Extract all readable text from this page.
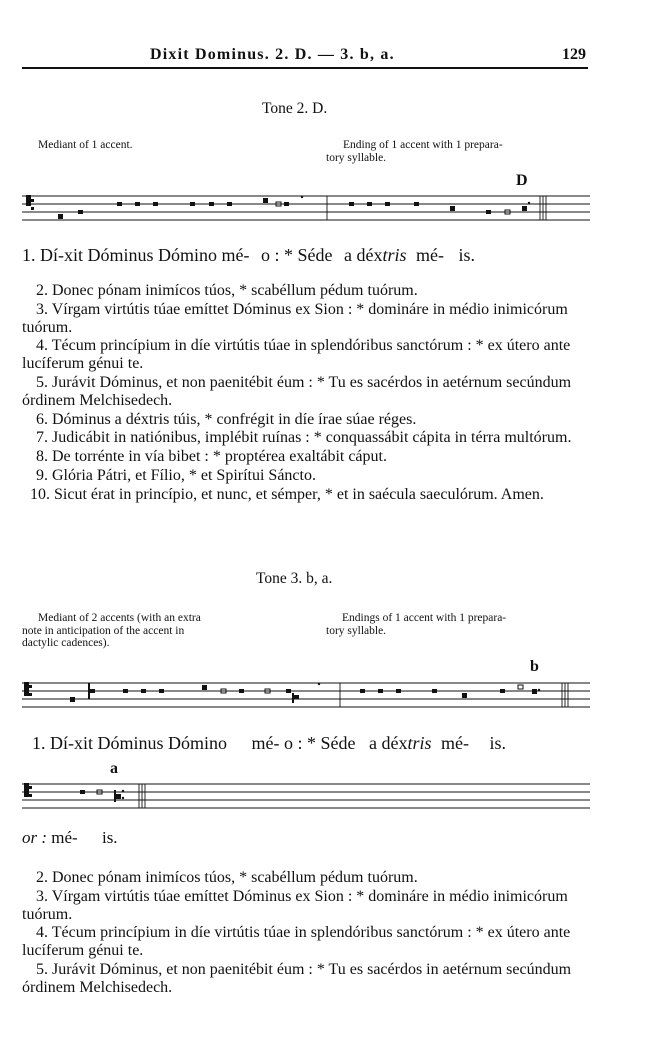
Dixit Dominus. 2. D. — 3. b, a.	129
Tone 2. D.
Mediant of 1 accent.	Ending of 1 accent with 1 prepara-

tory syllable.

D
1. Dí-xit Dóminus Dómino mé- o : * Séde a déxtris mé- is.

2. Donec pónam inimícos túos, * scabéllum pédum tuórum.

3. Vírgam virtútis túae emíttet Dóminus ex Sion : * domináre in médio inimicórum tuórum.

4. Técum princípium in díe virtútis túae in splendóribus sanctórum : * ex útero ante lucíferum génui te.

5. Jurávit Dóminus, et non paenitébit éum : * Tu es sacérdos in aetérnum secúndum órdinem Melchisedech.

6. Dóminus a déxtris túis, * confrégit in díe írae súae réges.

7. Judicábit in natiónibus, implébit ruínas : * conquassábit cápita in térra multórum.

8. De torrénte in vía bibet : * proptérea exaltábit cáput.

9. Glória Pátri, et Fílio, * et Spirítui Sáncto.

10. Sicut érat in princípio, et nunc, et sémper, * et in saécula saeculórum. Amen.

Tone 3. b, a.

Mediant of 2 accents (with an extra

note in anticipation of the accent in

dactylic cadences).

Endings of 1 accent with 1 prepara-

tory syllable.

b
1. Dí-xit Dóminus Dómino mé- o : * Séde a déxtris mé- is.
a
or : mé- is.

2. Donec pónam inimícos túos, * scabéllum pédum tuórum.

3. Vírgam virtútis túae emíttet Dóminus ex Sion : * domináre in médio inimicórum tuórum.

4. Técum princípium in díe virtútis túae in splendóribus sanctórum : * ex útero ante lucíferum génui te.

5. Jurávit Dóminus, et non paenitébit éum : * Tu es sacérdos in aetérnum secúndum órdinem Melchisedech.
